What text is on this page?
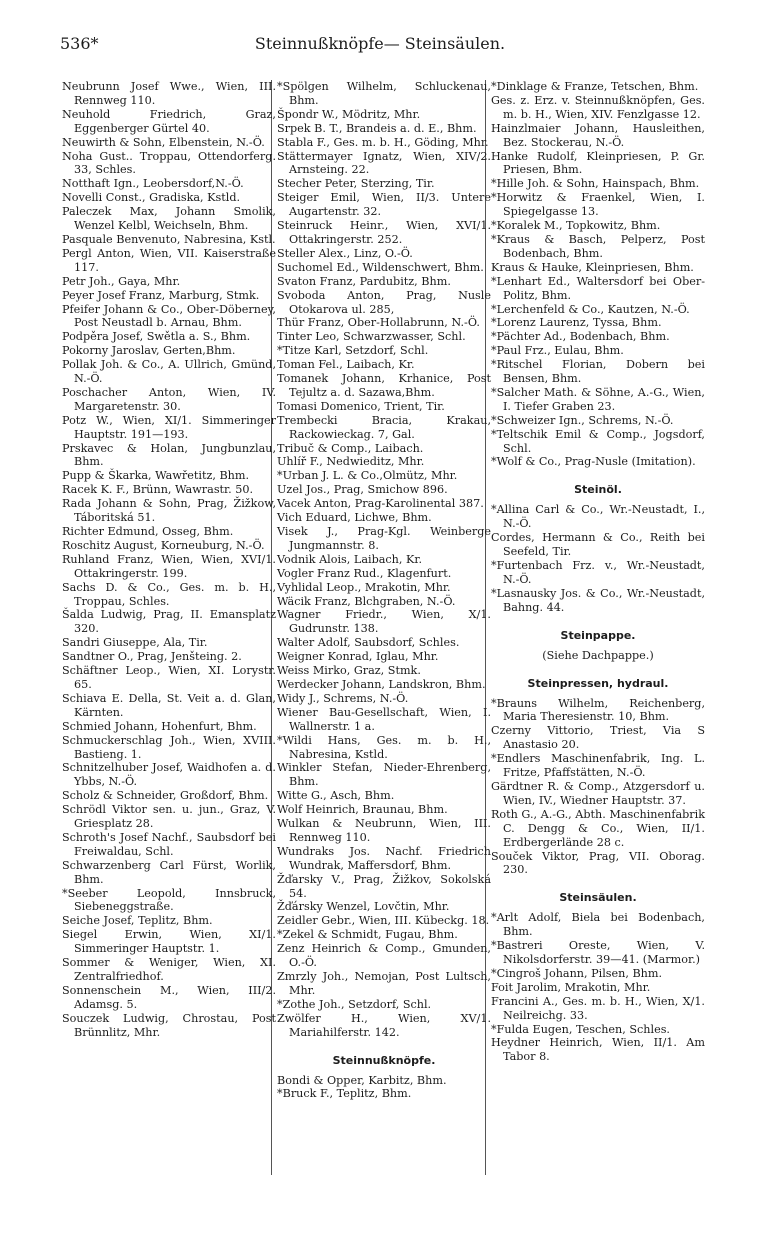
536*	Steinnußknöpfe— Steinsäulen.
Neubrunn Josef Wwe., Wien, III. Rennweg 110.
Neuhold Friedrich, Graz, Eggenberger Gürtel 40.
Neuwirth & Sohn, Elbenstein, N.-Ö.
Noha Gust.. Troppau, Ottendorferg. 33, Schles.
Notthaft Ign., Leobersdorf,N.-Ö.
Novelli Const., Gradiska, Kstld.
Paleczek Max, Johann Smolik, Wenzel Kelbl, Weichseln, Bhm.
Pasquale Benvenuto, Nabresina, Kstl.
Pergl Anton, Wien, VII. Kaiserstraße 117.
Petr Joh., Gaya, Mhr.
Peyer Josef Franz, Marburg, Stmk.
Pfeifer Johann & Co., Ober-Döberney, Post Neustadl b. Arnau, Bhm.
Podpěra Josef, Swětla a. S., Bhm.
Pokorny Jaroslav, Gerten,Bhm.
Pollak Joh. & Co., A. Ullrich, Gmünd, N.-Ö.
Poschacher Anton, Wien, IV. Margaretenstr. 30.
Potz W., Wien, XI/1. Simmeringer Hauptstr. 191—193.
Prskavec & Holan, Jungbunzlau, Bhm.
Pupp & Škarka, Wawřetitz, Bhm.
Racek K. F., Brünn, Wawrastr. 50.
Rada Johann & Sohn, Prag, Žižkow, Táboritská 51.
Richter Edmund, Osseg, Bhm.
Roschitz August, Korneuburg, N.-Ö.
Ruhland Franz, Wien, Wien, XVI/1. Ottakringerstr. 199.
Sachs D. & Co., Ges. m. b. H., Troppau, Schles.
Šalda Ludwig, Prag, II. Emansplatz 320.
Sandri Giuseppe, Ala, Tir.
Sandtner O., Prag, Jenšteing. 2.
Schäftner Leop., Wien, XI. Lorystr. 65.
Schiava E. Della, St. Veit a. d. Glan, Kärnten.
Schmied Johann, Hohenfurt, Bhm.
Schmuckerschlag Joh., Wien, XVIII. Bastieng. 1.
Schnitzelhuber Josef, Waidhofen a. d. Ybbs, N.-Ö.
Scholz & Schneider, Großdorf, Bhm.
Schrödl Viktor sen. u. jun., Graz, V. Griesplatz 28.
Schroth's Josef Nachf., Saubsdorf bei Freiwaldau, Schl.
Schwarzenberg Carl Fürst, Worlik, Bhm.
*Seeber Leopold, Innsbruck, Siebeneggstraße.
Seiche Josef, Teplitz, Bhm.
Siegel Erwin, Wien, XI/1. Simmeringer Hauptstr. 1.
Sommer & Weniger, Wien, XI. Zentralfriedhof.
Sonnenschein M., Wien, III/2. Adamsg. 5.
Souczek Ludwig, Chrostau, Post Brünnlitz, Mhr.
*Spölgen Wilhelm, Schluckenau, Bhm.
Špondr W., Mödritz, Mhr.
Srpek B. T., Brandeis a. d. E., Bhm.
Stabla F., Ges. m. b. H., Göding, Mhr.
Stättermayer Ignatz, Wien, XIV/2. Arnsteing. 22.
Stecher Peter, Sterzing, Tir.
Steiger Emil, Wien, II/3. Untere Augartenstr. 32.
Steinruck Heinr., Wien, XVI/1. Ottakringerstr. 252.
Steller Alex., Linz, O.-Ö.
Suchomel Ed., Wildenschwert, Bhm.
Svaton Franz, Pardubitz, Bhm.
Svoboda Anton, Prag, Nusle Otokarova ul. 285,
Thür Franz, Ober-Hollabrunn, N.-Ö.
Tinter Leo, Schwarzwasser, Schl.
*Titze Karl, Setzdorf, Schl.
Toman Fel., Laibach, Kr.
Tomanek Johann, Krhanice, Post Tejultz a. d. Sazawa,Bhm.
Tomasi Domenico, Trient, Tir.
Trembecki Bracia, Krakau, Rackowieckag. 7, Gal.
Tribuč & Comp., Laibach.
Uhlíř F., Nedwieditz, Mhr.
*Urban J. L. & Co.,Olmütz, Mhr.
Uzel Jos., Prag, Smichow 896.
Vacek Anton, Prag-Karolinental 387.
Vich Eduard, Lichwe, Bhm.
Visek J., Prag-Kgl. Weinberge Jungmannstr. 8.
Vodnik Alois, Laibach, Kr.
Vogler Franz Rud., Klagenfurt.
Vyhlidal Leop., Mrakotin, Mhr.
Wäcik Franz, Blchgraben, N.-Ö.
Wagner Friedr., Wien, X/1. Gudrunstr. 138.
Walter Adolf, Saubsdorf, Schles.
Weigner Konrad, Iglau, Mhr.
Weiss Mirko, Graz, Stmk.
Werdecker Johann, Landskron, Bhm.
Widy J., Schrems, N.-Ö.
Wiener Bau-Gesellschaft, Wien, I. Wallnerstr. 1 a.
*Wildi Hans, Ges. m. b. H., Nabresina, Kstld.
Winkler Stefan, Nieder-Ehrenberg, Bhm.
Witte G., Asch, Bhm.
Wolf Heinrich, Braunau, Bhm.
Wulkan & Neubrunn, Wien, III. Rennweg 110.
Wundraks Jos. Nachf. Friedrich Wundrak, Maffersdorf, Bhm.
Žďarsky V., Prag, Žižkov, Sokolská 54.
Žďársky Wenzel, Lovčtin, Mhr.
Zeidler Gebr., Wien, III. Kübeckg. 18.
*Zekel & Schmidt, Fugau, Bhm.
Zenz Heinrich & Comp., Gmunden, O.-Ö.
Zmrzly Joh., Nemojan, Post Lultsch, Mhr.
*Zothe Joh., Setzdorf, Schl.
Zwölfer H., Wien, XV/1. Mariahilferstr. 142.
Steinnußknöpfe.
Bondi & Opper, Karbitz, Bhm.
*Bruck F., Teplitz, Bhm.
*Dinklage & Franze, Tetschen, Bhm.
Ges. z. Erz. v. Steinnußknöpfen, Ges. m. b. H., Wien, XIV. Fenzlgasse 12.
Hainzlmaier Johann, Hausleithen, Bez. Stockerau, N.-Ö.
Hanke Rudolf, Kleinpriesen, P. Gr. Priesen, Bhm.
*Hille Joh. & Sohn, Hainspach, Bhm.
*Horwitz & Fraenkel, Wien, I. Spiegelgasse 13.
*Koralek M., Topkowitz, Bhm.
*Kraus & Basch, Pelperz, Post Bodenbach, Bhm.
Kraus & Hauke, Kleinpriesen, Bhm.
*Lenhart Ed., Waltersdorf bei Ober-Politz, Bhm.
*Lerchenfeld & Co., Kautzen, N.-Ö.
*Lorenz Laurenz, Tyssa, Bhm.
*Pächter Ad., Bodenbach, Bhm.
*Paul Frz., Eulau, Bhm.
*Ritschel Florian, Dobern bei Bensen, Bhm.
*Salcher Math. & Söhne, A.-G., Wien, I. Tiefer Graben 23.
*Schweizer Ign., Schrems, N.-Ö.
*Teltschik Emil & Comp., Jogsdorf, Schl.
*Wolf & Co., Prag-Nusle (Imitation).
Steinöl.
*Allina Carl & Co., Wr.-Neustadt, I., N.-Ö.
Cordes, Hermann & Co., Reith bei Seefeld, Tir.
*Furtenbach Frz. v., Wr.-Neustadt, N.-Ö.
*Lasnausky Jos. & Co., Wr.-Neustadt, Bahng. 44.
Steinpappe.
(Siehe Dachpappe.)
Steinpressen, hydraul.
*Brauns Wilhelm, Reichenberg, Maria Theresienstr. 10, Bhm.
Czerny Vittorio, Triest, Via S Anastasio 20.
*Endlers Maschinenfabrik, Ing. L. Fritze, Pfaffstätten, N.-Ö.
Gärdtner R. & Comp., Atzgersdorf u. Wien, IV., Wiedner Hauptstr. 37.
Roth G., A.-G., Abth. Maschinenfabrik C. Dengg & Co., Wien, II/1. Erdbergerlände 28 c.
Souček Viktor, Prag, VII. Oborag. 230.
Steinsäulen.
*Arlt Adolf, Biela bei Bodenbach, Bhm.
*Bastreri Oreste, Wien, V. Nikolsdorferstr. 39—41. (Marmor.)
*Cingroš Johann, Pilsen, Bhm.
Foit Jarolim, Mrakotin, Mhr.
Francini A., Ges. m. b. H., Wien, X/1. Neilreichg. 33.
*Fulda Eugen, Teschen, Schles.
Heydner Heinrich, Wien, II/1. Am Tabor 8.
